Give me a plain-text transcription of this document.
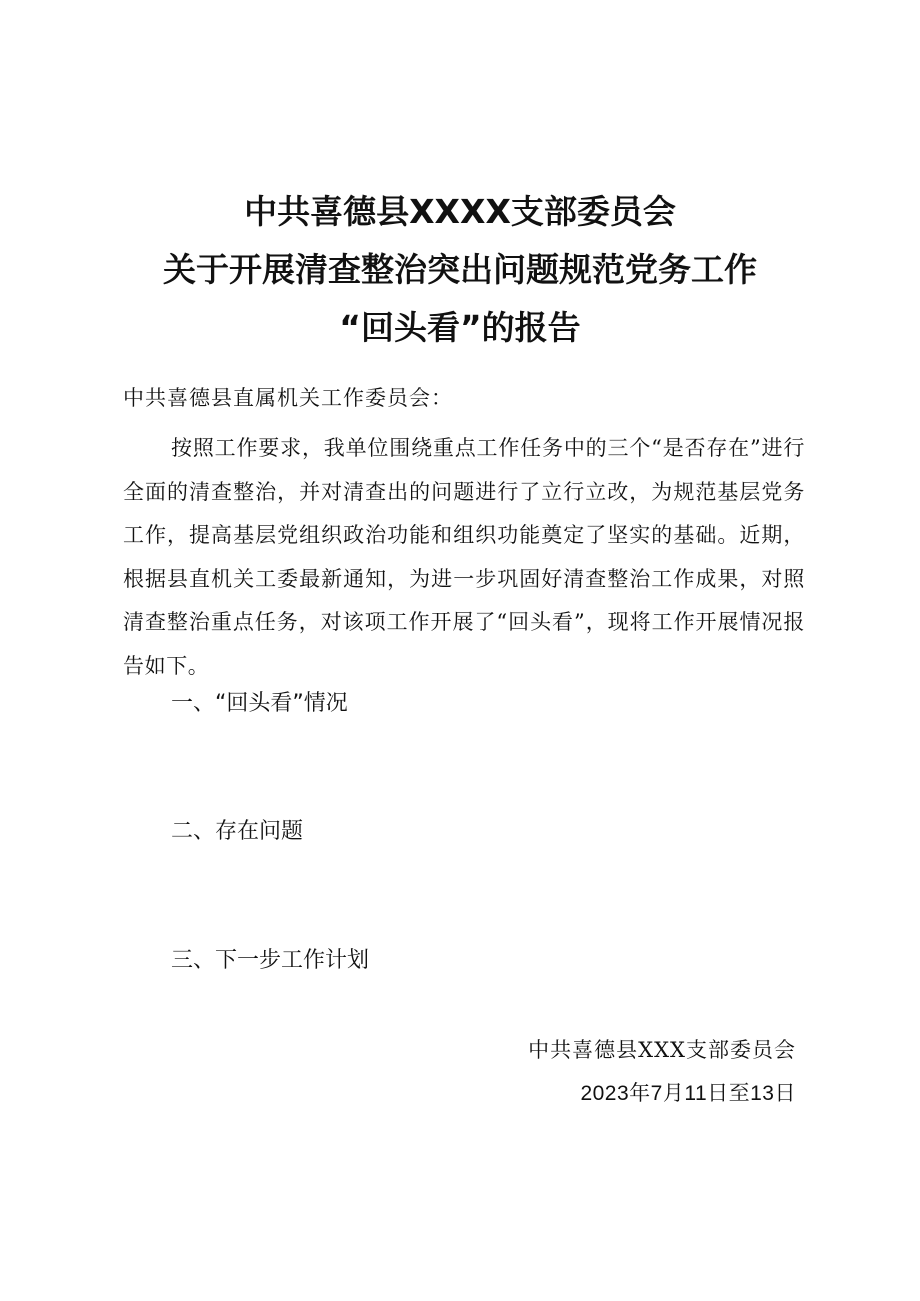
中共喜德县XXXX支部委员会
关于开展清查整治突出问题规范党务工作
“回头看”的报告
中共喜德县直属机关工作委员会：

按照工作要求，我单位围绕重点工作任务中的三个“是否存在”进行全面的清查整治，并对清查出的问题进行了立行立改，为规范基层党务工作，提高基层党组织政治功能和组织功能奠定了坚实的基础。近期，根据县直机关工委最新通知，为进一步巩固好清查整治工作成果，对照清查整治重点任务，对该项工作开展了“回头看”，现将工作开展情况报告如下。

一、“回头看”情况
二、存在问题
三、下一步工作计划
中共喜德县XXX支部委员会
2023年7月11日至13日
